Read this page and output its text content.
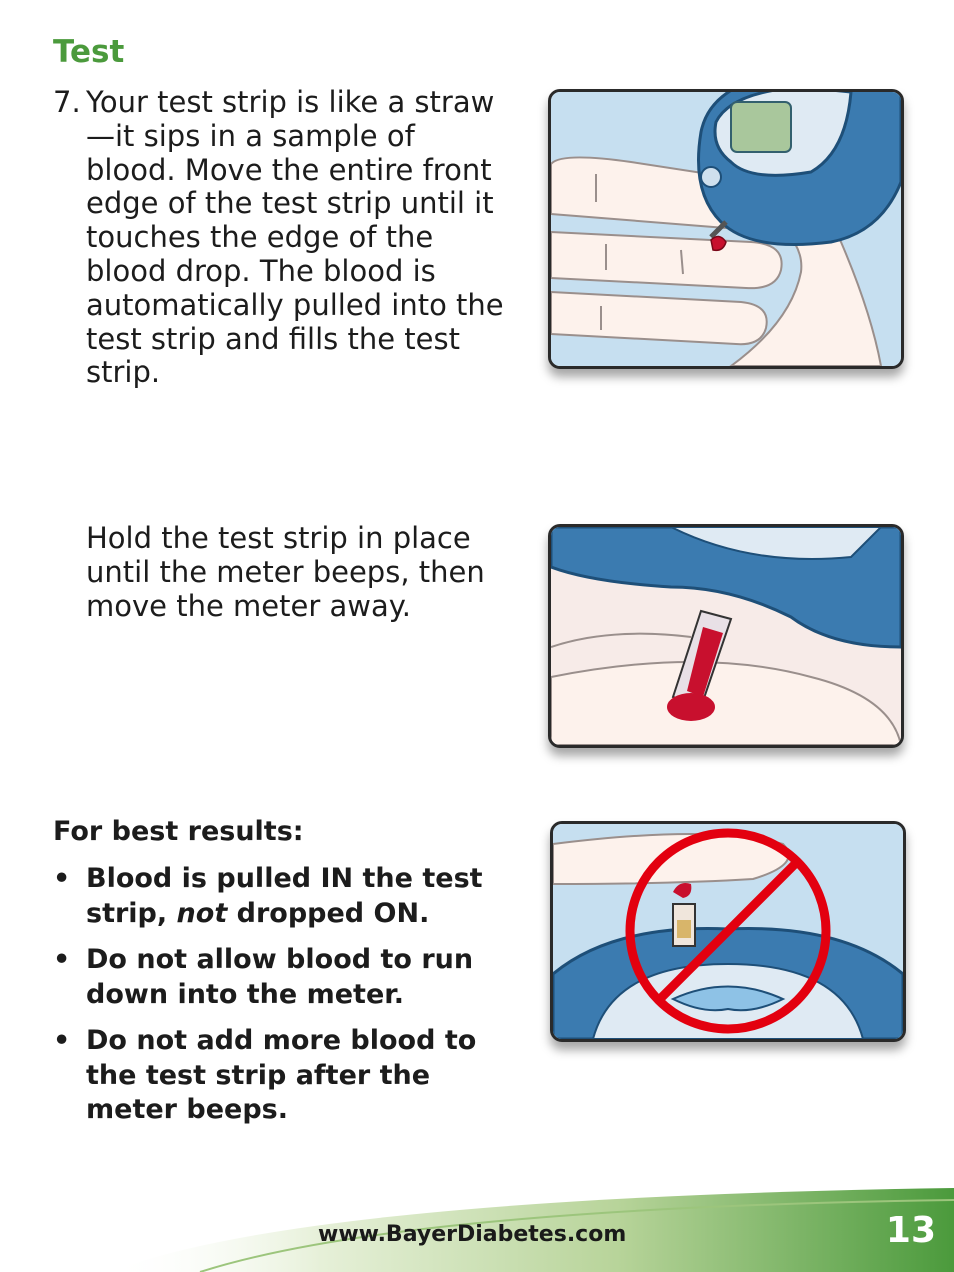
Test
7. Your test strip is like a straw—it sips in a sample of blood. Move the entire front edge of the test strip until it touches the edge of the blood drop. The blood is automatically pulled into the test strip and fills the test strip.
Hold the test strip in place until the meter beeps, then move the meter away.
For best results:
• Blood is pulled IN the test strip, not dropped ON.
• Do not allow blood to run down into the meter.
• Do not add more blood to the test strip after the meter beeps.
www.BayerDiabetes.com	13
